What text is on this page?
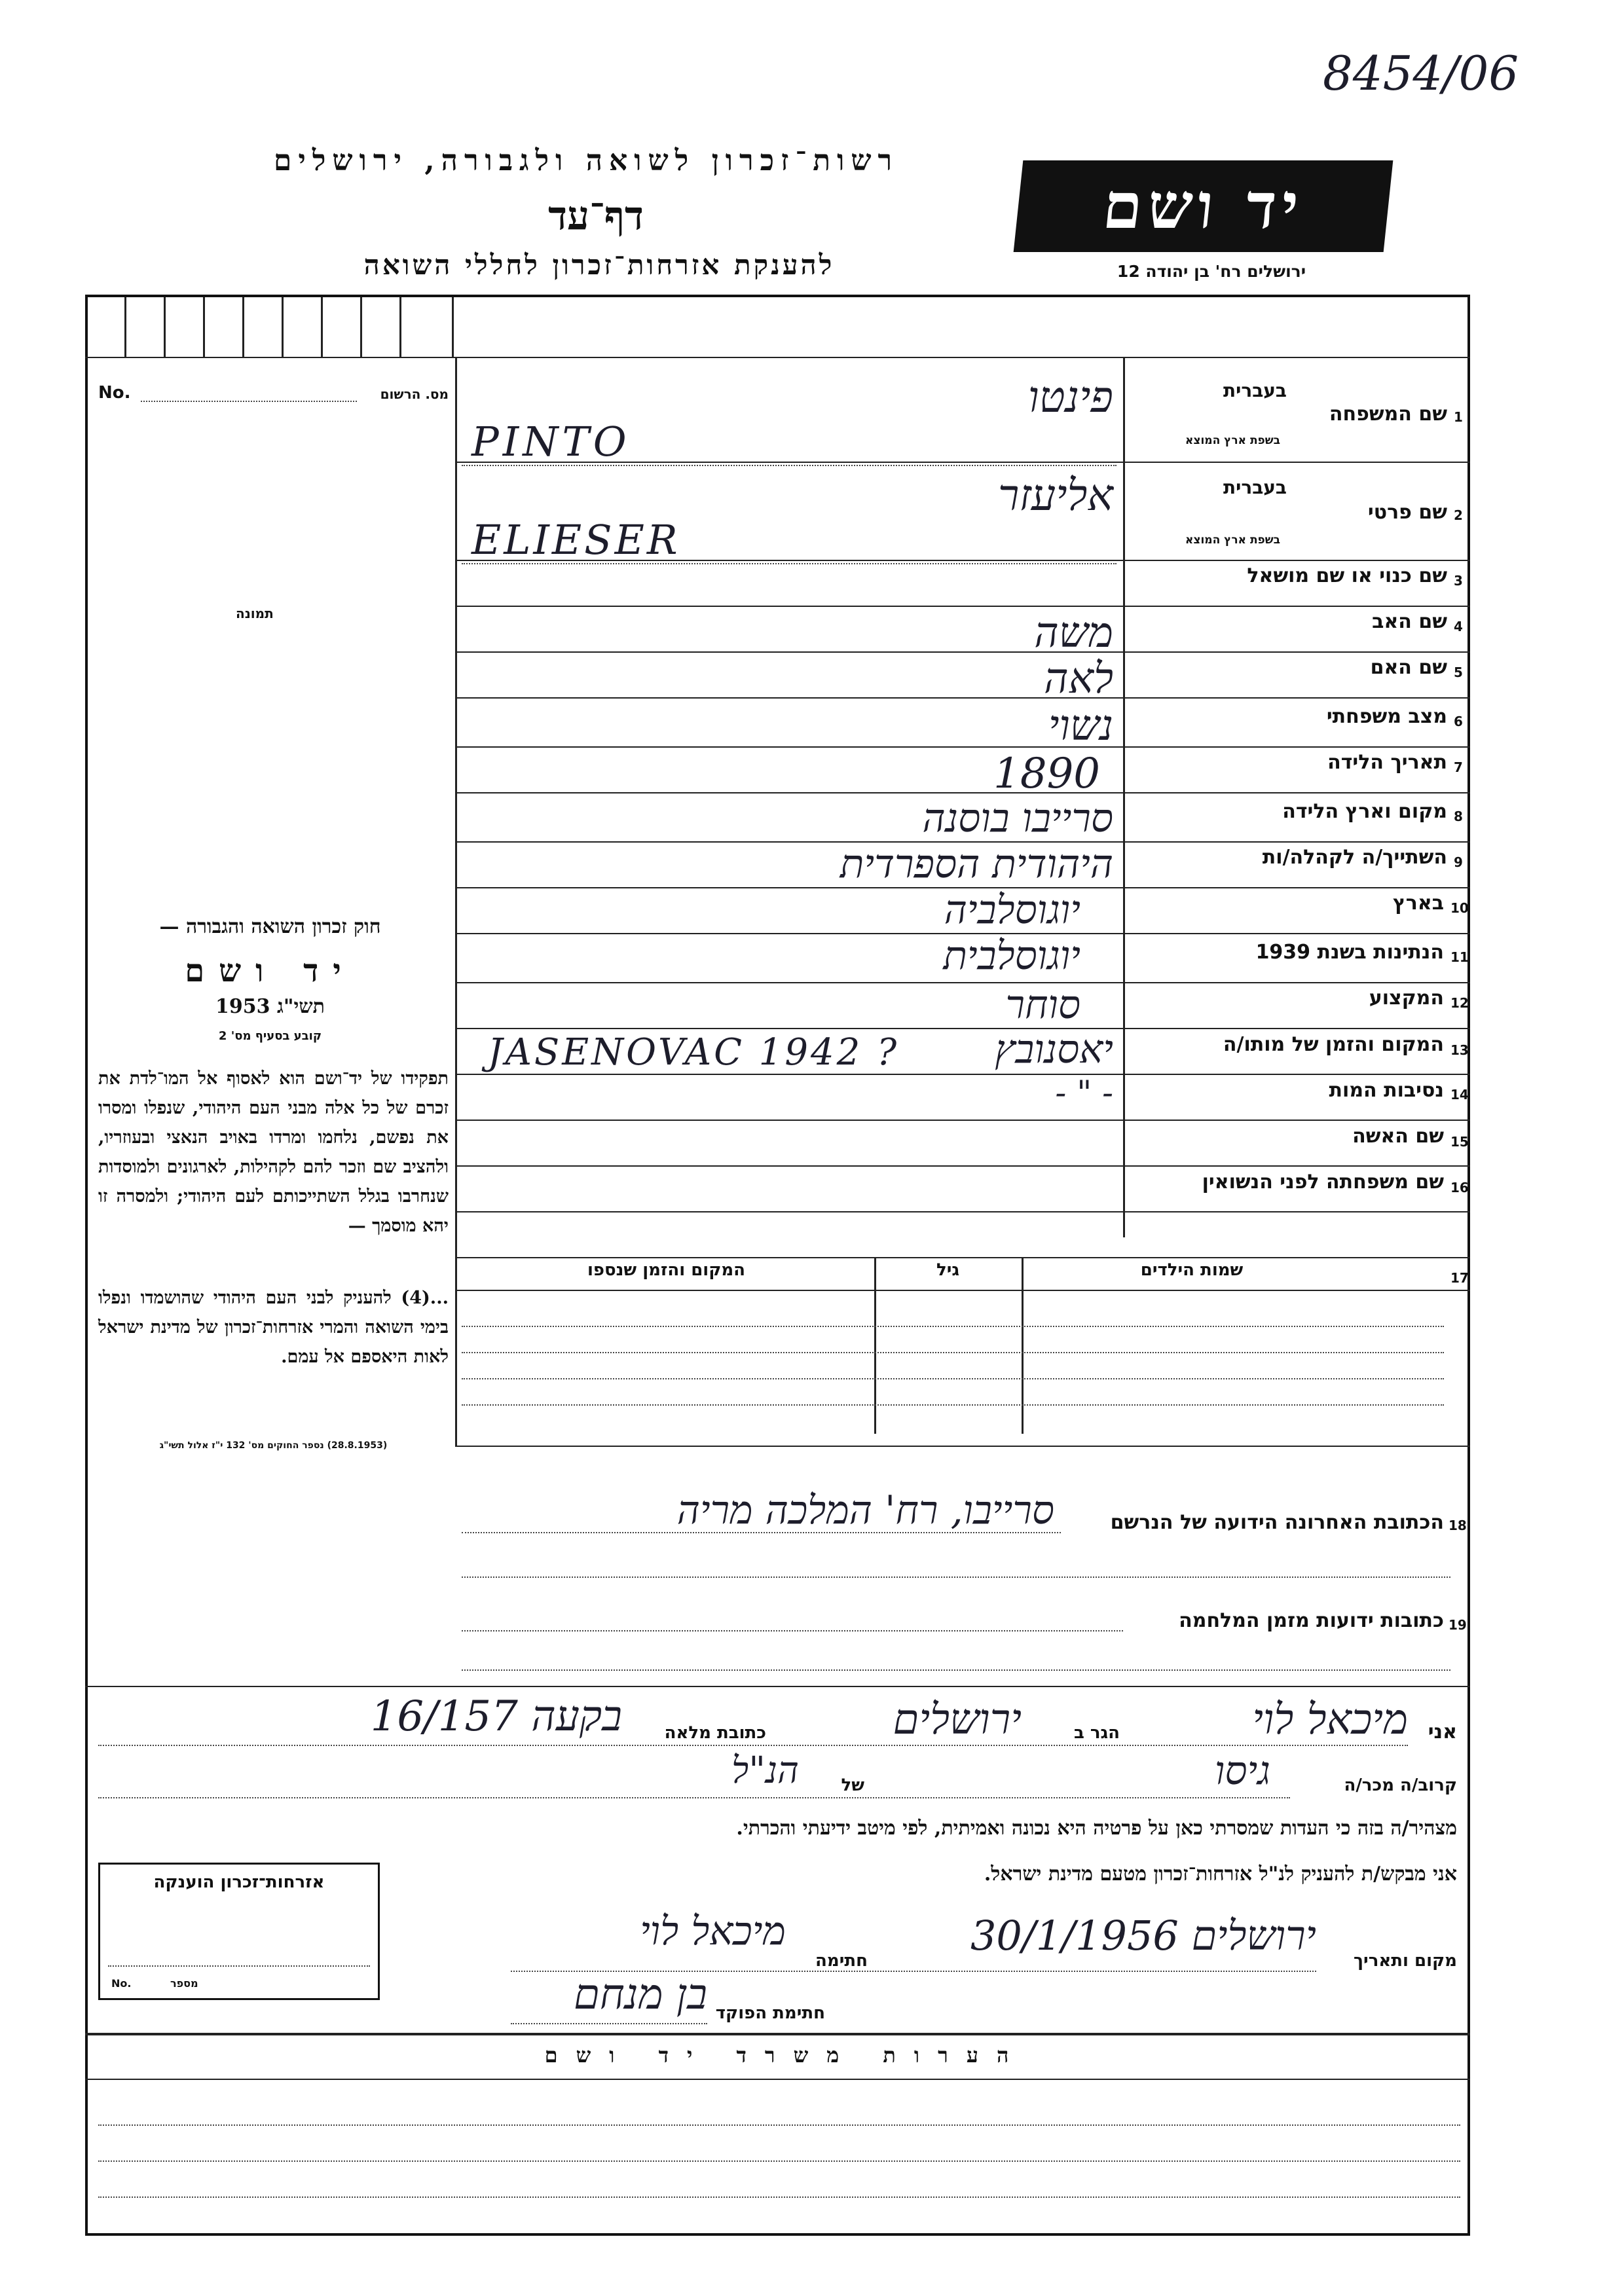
8454/06
רשות־זכרון לשואה ולגבורה, ירושלים
דף־עד
להענקת אזרחות־זכרון לחללי השואה
יד ושם
ירושלים רח' בן יהודה 12
No.	מס. הרשום
תמונה
חוק זכרון השואה והגבורה —
יד ושם
תשי"ג 1953
קובע בסעיף מס' 2
תפקידו של יד־ושם הוא לאסוף אל המו־לדת את זכרם של כל אלה מבני העם היהודי, שנפלו ומסרו את נפשם, נלחמו ומרדו באויב הנאצי ובעוזריו, ולהציב שם וזכר להם לקהילות, לארגונים ולמוסדות שנחרבו בגלל השתייכותם לעם היהודי; ולמסרה זו יהא מוסמך —
...(4) להעניק לבני העם היהודי שהושמדו ונפלו בימי השואה והמרי אזרחות־זכרון של מדינת ישראל לאות היאספם אל עמם.
(28.8.1953) נספר החוקים מס' 132 י"ז אלול תשי"ג
1
שם המשפחה
בעברית
בשפת ארץ המוצא
פינטו
PINTO
2
שם פרטי
בעברית
בשפת ארץ המוצא
אליעזר
ELIESER
3
שם כנוי או שם מושאל
4
שם האב
משה
5
שם האם
לאה
6
מצב משפחתי
נשוי
7
תאריך הלידה
1890
8
מקום וארץ הלידה
סרייבו בוסנה
9
השתייך/ה לקהלה/ות
היהודית הספרדית
10
בארץ
יוגוסלביה
11
הנתינות בשנת 1939
יוגוסלבית
12
המקצוע
סוחר
13
המקום והזמן של מותו/ה
יאסנובץ
JASENOVAC 1942 ?
14
נסיבות המות
- " -
15
שם האשה
16
שם משפחתה לפני הנשואין
17
שמות הילדים
גיל
המקום והזמן שנספו
18
הכתובת האחרונה הידועה של הנרשם
סרייבו, רח' המלכה מריה
19
כתובות ידועות מזמן המלחמה
אני
מיכאל לוי
הגר ב
ירושלים
כתובת מלאה
בקעה 16/157
קרוב/ה מכר/ה
גיסו
של
הנ"ל
מצהיר/ה בזה כי העדות שמסרתי כאן על פרטיה היא נכונה ואמיתית, לפי מיטב ידיעתי והכרתי.
אני מבקש/ת להעניק לנ"ל אזרחות־זכרון מטעם מדינת ישראל.
מקום ותאריך
ירושלים 30/1/1956
חתימה
מיכאל לוי
חתימת הפוקד
בן מנחם
אזרחות־זכרון הוענקה
No.	מספר
הערות משרד יד ושם
